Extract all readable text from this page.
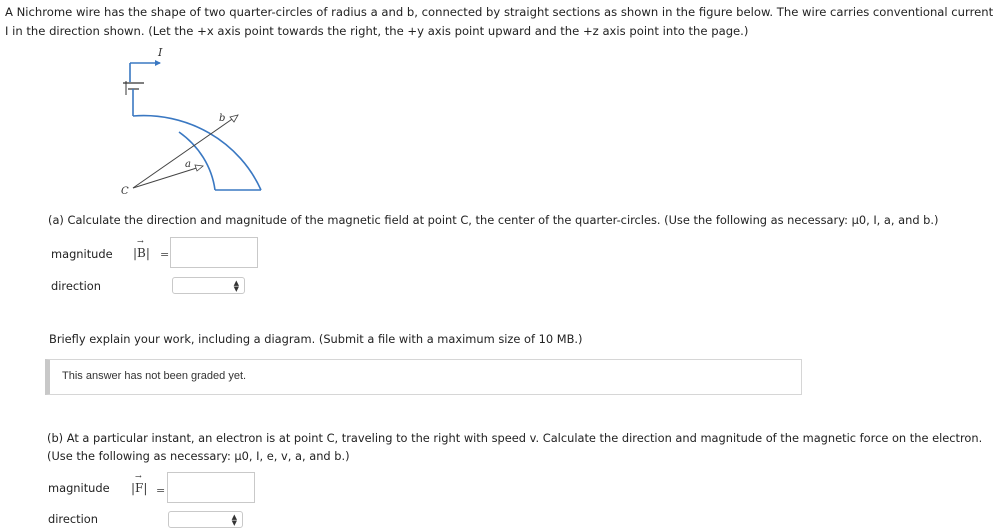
A Nichrome wire has the shape of two quarter-circles of radius a and b, connected by straight sections as shown in the figure below. The wire carries conventional current I in the direction shown. (Let the +x axis point towards the right, the +y axis point upward and the +z axis point into the page.)
I
a
b
C
(a) Calculate the direction and magnitude of the magnetic field at point C, the center of the quarter-circles. (Use the following as necessary: μ0, I, a, and b.)
magnitude |→ B| =
direction	▲
▼
Briefly explain your work, including a diagram. (Submit a file with a maximum size of 10 MB.)
This answer has not been graded yet.
(b) At a particular instant, an electron is at point C, traveling to the right with speed v. Calculate the direction and magnitude of the magnetic force on the electron.
(Use the following as necessary: μ0, I, e, v, a, and b.)
magnitude |→ F| =
direction	▲
▼
